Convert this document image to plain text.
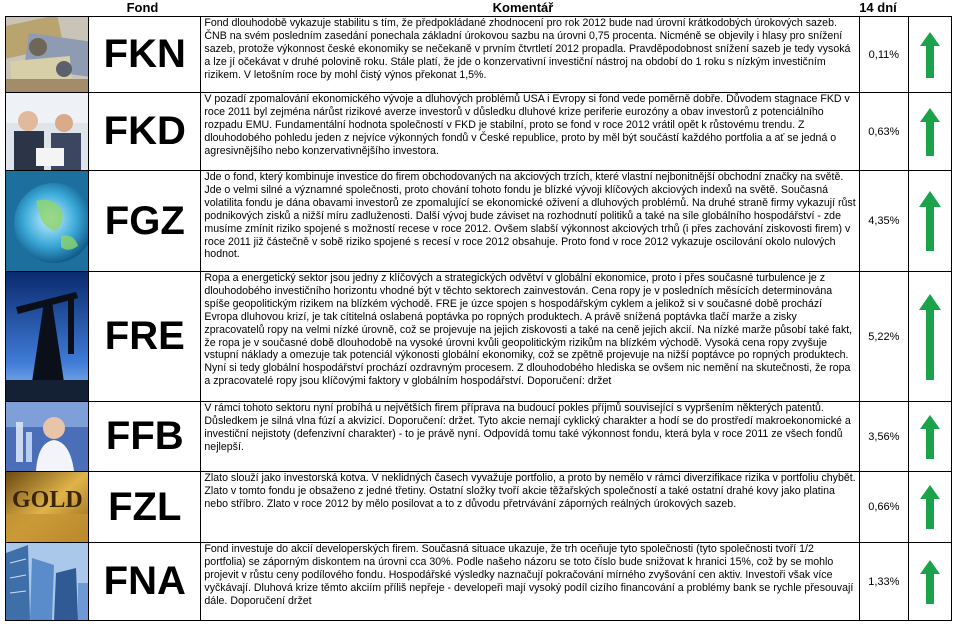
Fond	Komentář	14 dní
	FKN	Fond dlouhodobě vykazuje stabilitu s tím, že předpokládané zhodnocení pro rok 2012 bude nad úrovní krátkodobých úrokových sazeb. ČNB na svém posledním zasedání ponechala základní úrokovou sazbu na úrovni 0,75 procenta. Nicméně se objevily i hlasy pro snížení sazeb, protože výkonnost české ekonomiky se nečekaně v prvním čtvrtletí 2012 propadla. Pravděpodobnost snížení sazeb je tedy vysoká a lze jí očekávat v druhé polovině roku. Stále platí, že jde o konzervativní investiční nástroj na období do 1 roku s nízkým investičním rizikem. V letošním roce by mohl čistý výnos překonat 1,5%.	0,11%	

	FKD	V pozadí zpomalování ekonomického vývoje a dluhových problémů USA i Evropy si fond vede poměrně dobře. Důvodem stagnace FKD v roce 2011 byl zejména nárůst rizikové averze investorů v důsledku dluhové krize periferie eurozóny a obav investorů z potenciálního rozpadu EMU. Fundamentální hodnota společností v FKD je stabilní, proto se fond v roce 2012 vrátil opět k růstovému trendu. Z dlouhodobého pohledu jeden z nejvíce výkonných fondů v České republice, proto by měl být součástí každého portfolia a ať se jedná o agresivnějšího nebo konzervativnějšího investora.	0,63%	

	FGZ	Jde o fond, který kombinuje investice do firem obchodovaných na akciových trzích, které vlastní nejbonitnější obchodní značky na světě. Jde o velmi silné a významné společnosti, proto chování tohoto fondu je blízké vývoji klíčových akciových indexů na světě. Současná volatilita fondu je dána obavami investorů ze zpomalující se ekonomické oživení a dluhových problémů. Na druhé straně firmy vykazují růst podnikových zisků a nižší míru zadluženosti. Další vývoj bude záviset na rozhodnutí politiků a také na síle globálního hospodářství - zde musíme zmínit riziko spojené s možností recese v roce 2012. Ovšem slabší výkonnost akciových trhů (i přes zachování ziskovosti firem) v roce 2011 již částečně v sobě riziko spojené s recesí v roce 2012 obsahuje. Proto fond v roce 2012 vykazuje oscilování okolo nulových hodnot.	4,35%	

	FRE	Ropa a energetický sektor jsou jedny z klíčových a strategických odvětví v globální ekonomice, proto i přes současné turbulence je z dlouhodobého investičního horizontu vhodné být v těchto sektorech zainvestován. Cena ropy je v posledních měsících determinována spíše geopolitickým rizikem na blízkém východě. FRE je úzce spojen s hospodářským cyklem a jelikož si v současné době prochází Evropa dluhovou krizí, je tak cítitelná oslabená poptávka po ropných produktech. A právě snížená poptávka tlačí marže a zisky zpracovatelů ropy na velmi nízké úrovně, což se projevuje na jejich ziskovosti a také na ceně jejich akcií. Na nízké marže působí také fakt, že ropa je v současné době dlouhodobě na vysoké úrovni kvůli geopolitickým rizikům na blízkém východě. Vysoká cena ropy zvyšuje vstupní náklady a omezuje tak potenciál výkonosti globální ekonomiky, což se zpětně projevuje na nižší poptávce po ropných produktech. Nyní si tedy globální hospodářství prochází ozdravným procesem. Z dlouhodobého hlediska se ovšem nic nemění na skutečnosti, že ropa a zpracovatelé ropy jsou klíčovými faktory v globálním hospodářství. Doporučení: držet	5,22%	

	FFB	V rámci tohoto sektoru nyní probíhá u největších firem příprava na budoucí pokles příjmů související s vypršením některých patentů. Důsledkem je silná vlna fúzí a akvizicí. Doporučení: držet. Tyto akcie nemají cyklický charakter a hodí se do prostředí makroekonomické a investiční nejistoty (defenzivní charakter) - to je právě nyní. Odpovídá tomu také výkonnost fondu, která byla v roce 2011 ze všech fondů nejlepší.	3,56%	

GOLD	FZL	Zlato slouží jako investorská kotva. V neklidných časech vyvažuje portfolio, a proto by nemělo v rámci diverzifikace rizika v portfoliu chybět. Zlato v tomto fondu je obsaženo z jedné třetiny. Ostatní složky tvoří akcie těžařských společností a také ostatní drahé kovy jako platina nebo stříbro. Zlato v roce 2012 by mělo posilovat a to z důvodu přetrvávání záporných reálných úrokových sazeb.	0,66%	

	FNA	Fond investuje do akcií developerských firem. Současná situace ukazuje, že trh oceňuje tyto společnosti (tyto společnosti tvoří 1/2 portfolia) se záporným diskontem na úrovni cca 30%. Podle našeho názoru se toto číslo bude snižovat k hranici 15%, což by se mohlo projevit v růstu ceny podílového fondu. Hospodářské výsledky naznačují pokračování mírného zvyšování cen aktiv. Investoři však více vyčkávají. Dluhová krize těmto akciím příliš nepřeje - developeři mají vysoký podíl cizího financování a problémy bank se rychle přesouvají dále. Doporučení držet	1,33%	
